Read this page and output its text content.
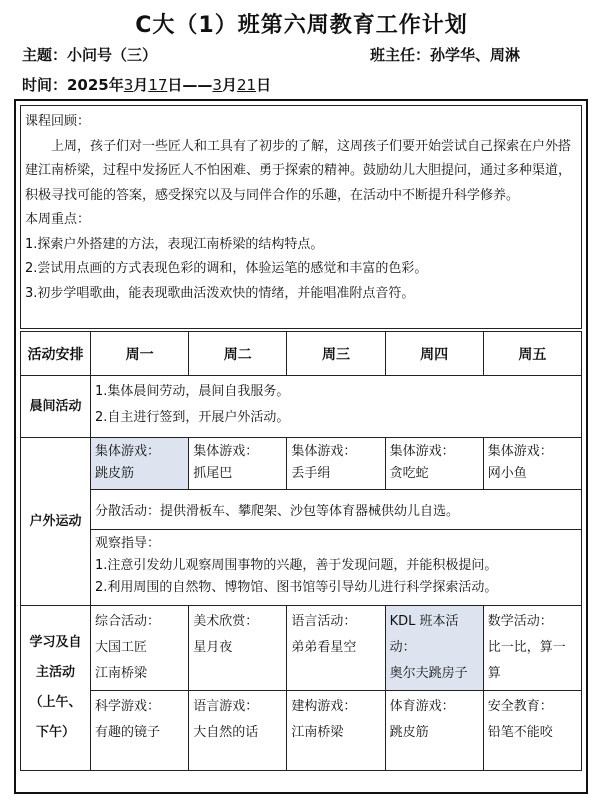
C大（1）班第六周教育工作计划
主题：小问号（三）	班主任：孙学华、周淋
时间：2025年3月17日——3月21日

课程回顾：

上周，孩子们对一些匠人和工具有了初步的了解，这周孩子们要开始尝试自己探索在户外搭建江南桥梁，过程中发扬匠人不怕困难、勇于探索的精神。鼓励幼儿大胆提问，通过多种渠道，积极寻找可能的答案，感受探究以及与同伴合作的乐趣，在活动中不断提升科学修养。

本周重点：

1.探索户外搭建的方法，表现江南桥梁的结构特点。

2.尝试用点画的方式表现色彩的调和，体验运笔的感觉和丰富的色彩。

3.初步学唱歌曲，能表现歌曲活泼欢快的情绪，并能唱准附点音符。

活动安排	周一	周二	周三	周四	周五
晨间活动	1.集体晨间劳动，晨间自我服务。
2.自主进行签到，开展户外活动。				

户外运动	集体游戏：
跳皮筋	集体游戏：
抓尾巴	集体游戏：
丢手绢	集体游戏：
贪吃蛇	集体游戏：
网小鱼

	分散活动：提供滑板车、攀爬架、沙包等体育器械供幼儿自选。				

	观察指导：
1.注意引发幼儿观察周围事物的兴趣，善于发现问题，并能积极提问。
2.利用周围的自然物、博物馆、图书馆等引导幼儿进行科学探索活动。				

学习及自
主活动
（上午、
下午）	综合活动：
大国工匠
江南桥梁	美术欣赏：
星月夜	语言活动：
弟弟看星空	KDL 班本活
动：
奥尔夫跳房子	数学活动：
比一比，算一
算

	科学游戏：
有趣的镜子	语言游戏：
大自然的话	建构游戏：
江南桥梁	体育游戏：
跳皮筋	安全教育：
铅笔不能咬
